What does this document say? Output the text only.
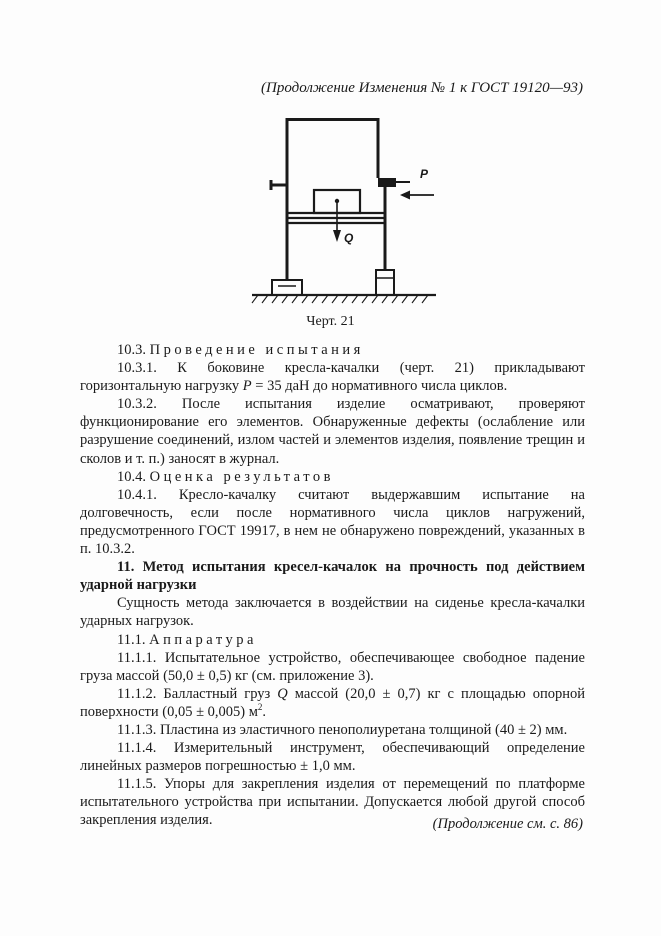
(Продолжение Изменения № 1 к ГОСТ 19120—93)
Q
P
Черт. 21

10.3. Проведение испытания

10.3.1. К боковине кресла-качалки (черт. 21) прикладывают горизонтальную нагрузку P = 35 даН до нормативного числа циклов.

10.3.2. После испытания изделие осматривают, проверяют функционирование его элементов. Обнаруженные дефекты (ослабление или разрушение соединений, излом частей и элементов изделия, появление трещин и сколов и т. п.) заносят в журнал.

10.4. Оценка результатов

10.4.1. Кресло-качалку считают выдержавшим испытание на долговечность, если после нормативного числа циклов нагружений, предусмотренного ГОСТ 19917, в нем не обнаружено повреждений, указанных в п. 10.3.2.

11. Метод испытания кресел-качалок на прочность под действием ударной нагрузки

Сущность метода заключается в воздействии на сиденье кресла-качалки ударных нагрузок.

11.1. Аппаратура

11.1.1. Испытательное устройство, обеспечивающее свободное падение груза массой (50,0 ± 0,5) кг (см. приложение 3).

11.1.2. Балластный груз Q массой (20,0 ± 0,7) кг с площадью опорной поверхности (0,05 ± 0,005) $м^2$.

11.1.3. Пластина из эластичного пенополиуретана толщиной (40 ± 2) мм.

11.1.4. Измерительный инструмент, обеспечивающий определение линейных размеров погрешностью ± 1,0 мм.

11.1.5. Упоры для закрепления изделия от перемещений по платформе испытательного устройства при испытании. Допускается любой другой способ закрепления изделия.	(Продолжение см. с. 86)
